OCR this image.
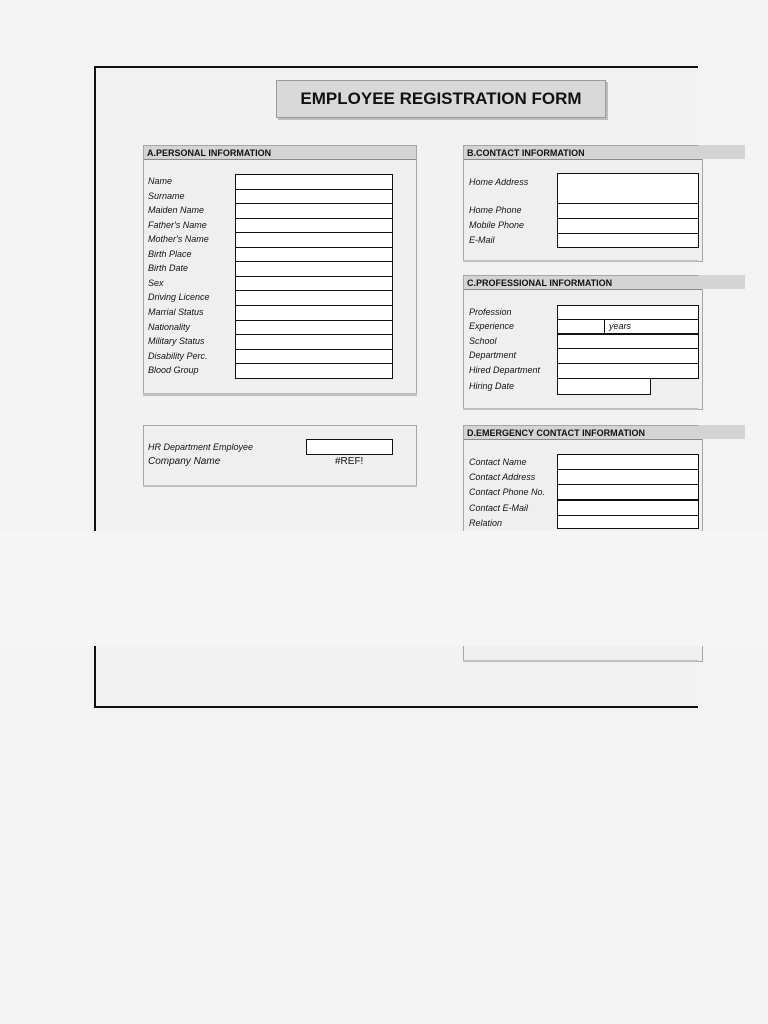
EMPLOYEE REGISTRATION FORM
A.PERSONAL INFORMATION
Name
Surname
Maiden Name
Father's Name
Mother's Name
Birth Place
Birth Date
Sex
Driving Licence
Marrial Status
Nationality
Military Status
Disability Perc.
Blood Group
HR Department Employee
Company Name	#REF!
B.CONTACT INFORMATION
Home Address
Home Phone
Mobile Phone
E-Mail
C.PROFESSIONAL INFORMATION
Profession
Experience	years
School
Department
Hired Department
Hiring Date
D.EMERGENCY CONTACT INFORMATION
Contact Name
Contact Address
Contact Phone No.
Contact E-Mail
Relation
